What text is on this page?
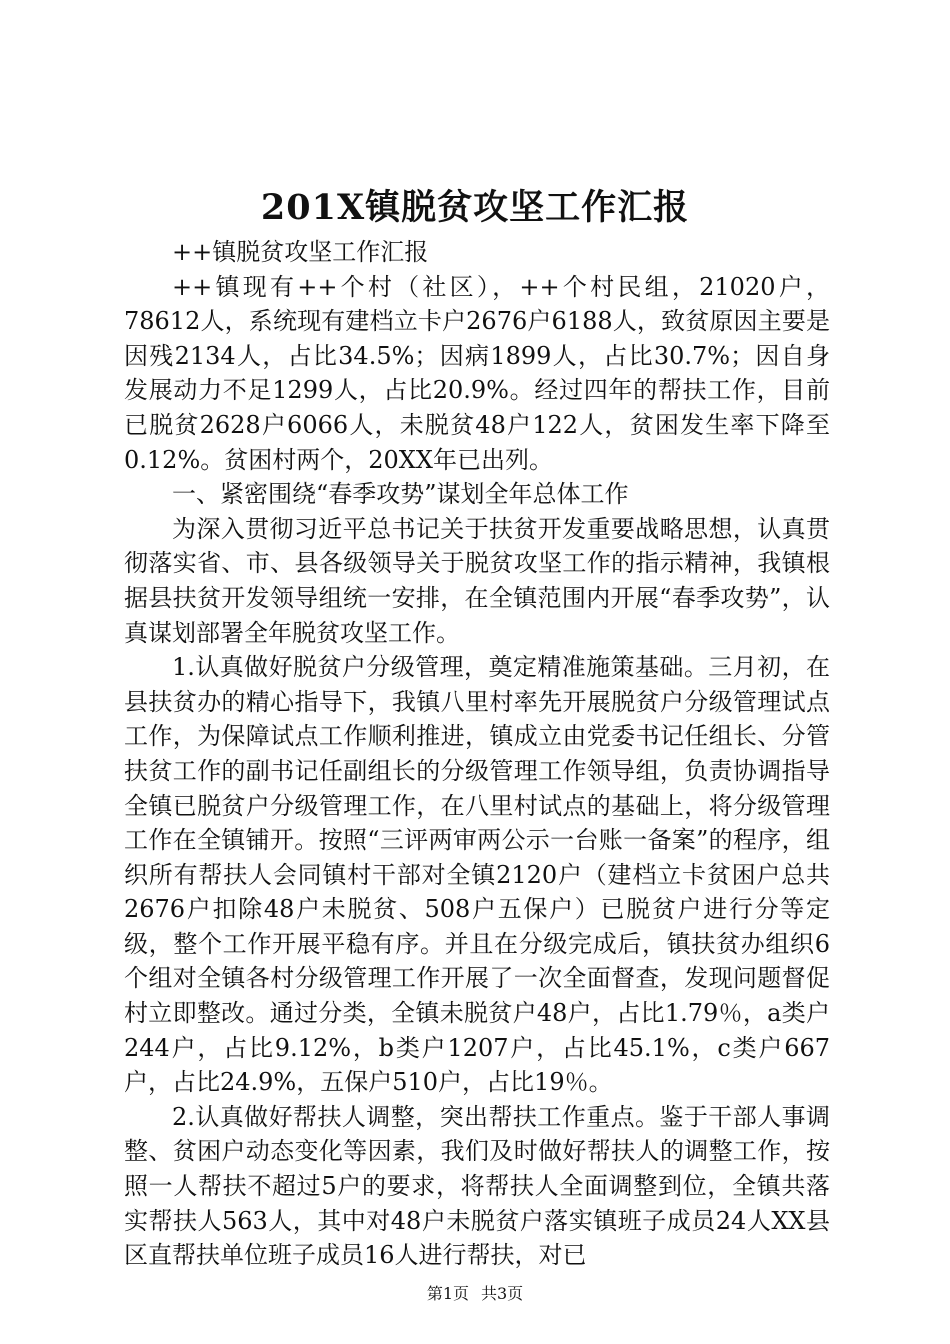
201X镇脱贫攻坚工作汇报

++镇脱贫攻坚工作汇报

++镇现有++个村（社区），++个村民组，21020户，78612人，系统现有建档立卡户2676户6188人，致贫原因主要是因残2134人，占比34.5%；因病1899人，占比30.7%；因自身发展动力不足1299人，占比20.9%。经过四年的帮扶工作，目前已脱贫2628户6066人，未脱贫48户122人，贫困发生率下降至0.12%。贫困村两个，20XX年已出列。

一、紧密围绕“春季攻势”谋划全年总体工作

为深入贯彻习近平总书记关于扶贫开发重要战略思想，认真贯彻落实省、市、县各级领导关于脱贫攻坚工作的指示精神，我镇根据县扶贫开发领导组统一安排，在全镇范围内开展“春季攻势”，认真谋划部署全年脱贫攻坚工作。

1.认真做好脱贫户分级管理，奠定精准施策基础。三月初，在县扶贫办的精心指导下，我镇八里村率先开展脱贫户分级管理试点工作，为保障试点工作顺利推进，镇成立由党委书记任组长、分管扶贫工作的副书记任副组长的分级管理工作领导组，负责协调指导全镇已脱贫户分级管理工作，在八里村试点的基础上，将分级管理工作在全镇铺开。按照“三评两审两公示一台账一备案”的程序，组织所有帮扶人会同镇村干部对全镇2120户（建档立卡贫困户总共2676户扣除48户未脱贫、508户五保户）已脱贫户进行分等定级，整个工作开展平稳有序。并且在分级完成后，镇扶贫办组织6个组对全镇各村分级管理工作开展了一次全面督查，发现问题督促村立即整改。通过分类，全镇未脱贫户48户，占比1.79％，a类户244户，占比9.12%，b类户1207户，占比45.1%，c类户667户，占比24.9%，五保户510户，占比19％。

2.认真做好帮扶人调整，突出帮扶工作重点。鉴于干部人事调整、贫困户动态变化等因素，我们及时做好帮扶人的调整工作，按照一人帮扶不超过5户的要求，将帮扶人全面调整到位，全镇共落实帮扶人563人，其中对48户未脱贫户落实镇班子成员24人XX县区直帮扶单位班子成员16人进行帮扶，对已

第1页 共3页
